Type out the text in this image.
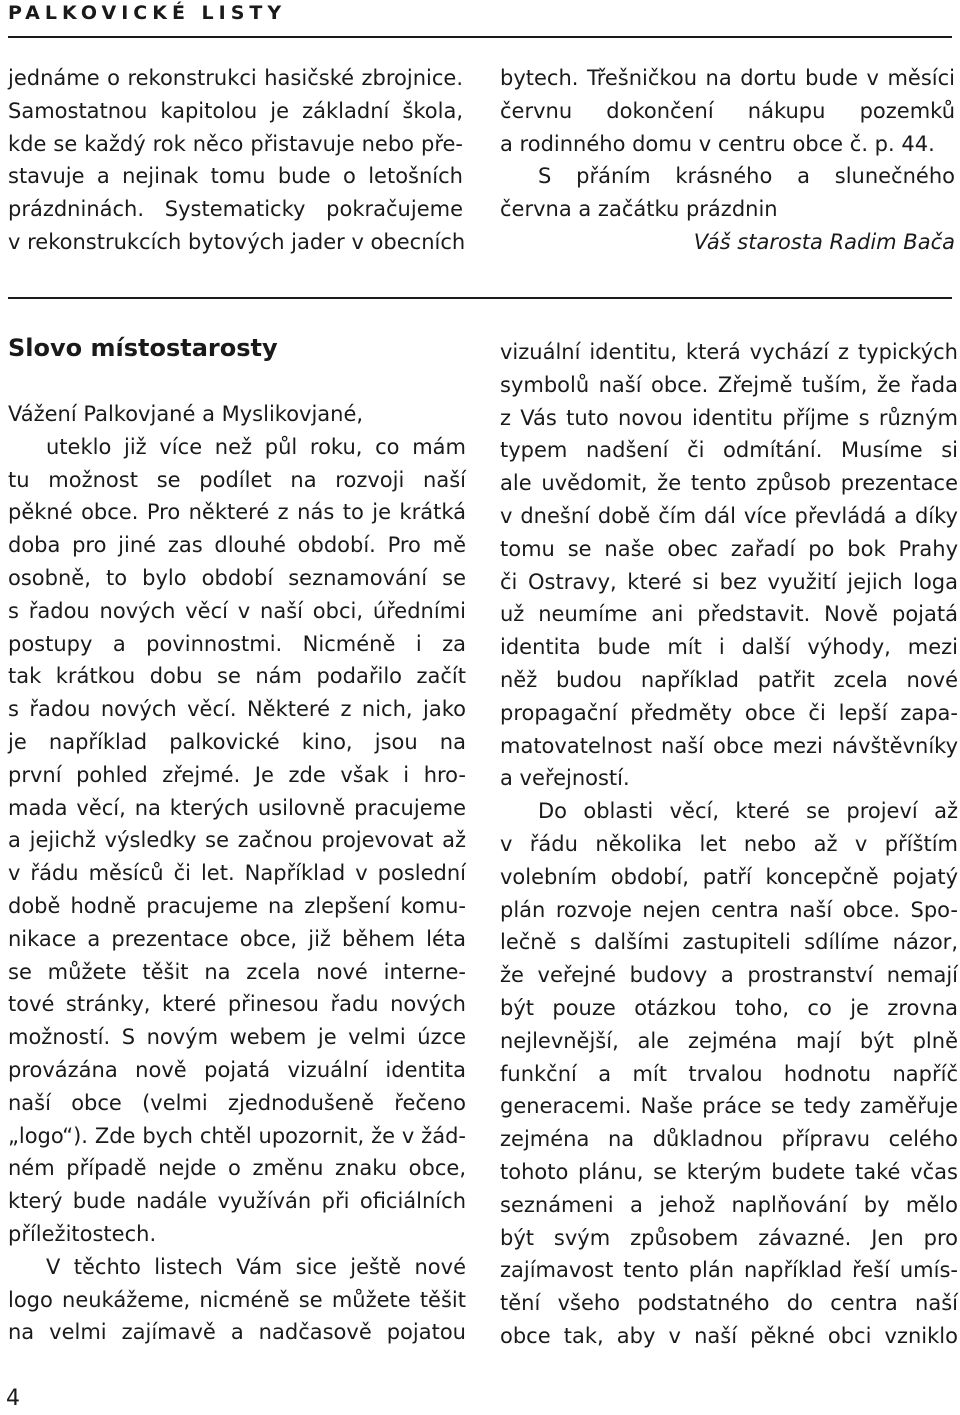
PALKOVICKÉ LISTY
jednáme o rekonstrukci hasičské zbrojnice.
Samostatnou kapitolou je základní škola,
kde se každý rok něco přistavuje nebo pře-
stavuje a nejinak tomu bude o letošních
prázdninách. Systematicky pokračujeme
v rekonstrukcích bytových jader v obecních
bytech. Třešničkou na dortu bude v měsíci
červnu dokončení nákupu pozemků
a rodinného domu v centru obce č. p. 44.
S přáním krásného a slunečného
června a začátku prázdnin
Váš starosta Radim Bača
Slovo místostarosty
Vážení Palkovjané a Myslikovjané,
uteklo již více než půl roku, co mám
tu možnost se podílet na rozvoji naší
pěkné obce. Pro některé z nás to je krátká
doba pro jiné zas dlouhé období. Pro mě
osobně, to bylo období seznamování se
s řadou nových věcí v naší obci, úředními
postupy a povinnostmi. Nicméně i za
tak krátkou dobu se nám podařilo začít
s řadou nových věcí. Některé z nich, jako
je například palkovické kino, jsou na
první pohled zřejmé. Je zde však i hro-
mada věcí, na kterých usilovně pracujeme
a jejichž výsledky se začnou projevovat až
v řádu měsíců či let. Například v poslední
době hodně pracujeme na zlepšení komu-
nikace a prezentace obce, již během léta
se můžete těšit na zcela nové interne-
tové stránky, které přinesou řadu nových
možností. S novým webem je velmi úzce
provázána nově pojatá vizuální identita
naší obce (velmi zjednodušeně řečeno
„logo“). Zde bych chtěl upozornit, že v žád-
ném případě nejde o změnu znaku obce,
který bude nadále využíván při oficiálních
příležitostech.
V těchto listech Vám sice ještě nové
logo neukážeme, nicméně se můžete těšit
na velmi zajímavě a nadčasově pojatou
vizuální identitu, která vychází z typických
symbolů naší obce. Zřejmě tuším, že řada
z Vás tuto novou identitu příjme s různým
typem nadšení či odmítání. Musíme si
ale uvědomit, že tento způsob prezentace
v dnešní době čím dál více převládá a díky
tomu se naše obec zařadí po bok Prahy
či Ostravy, které si bez využití jejich loga
už neumíme ani představit. Nově pojatá
identita bude mít i další výhody, mezi
něž budou například patřit zcela nové
propagační předměty obce či lepší zapa-
matovatelnost naší obce mezi návštěvníky
a veřejností.
Do oblasti věcí, které se projeví až
v řádu několika let nebo až v příštím
volebním období, patří koncepčně pojatý
plán rozvoje nejen centra naší obce. Spo-
lečně s dalšími zastupiteli sdílíme názor,
že veřejné budovy a prostranství nemají
být pouze otázkou toho, co je zrovna
nejlevnější, ale zejména mají být plně
funkční a mít trvalou hodnotu napříč
generacemi. Naše práce se tedy zaměřuje
zejména na důkladnou přípravu celého
tohoto plánu, se kterým budete také včas
seznámeni a jehož naplňování by mělo
být svým způsobem závazné. Jen pro
zajímavost tento plán například řeší umís-
tění všeho podstatného do centra naší
obce tak, aby v naší pěkné obci vzniklo
4
